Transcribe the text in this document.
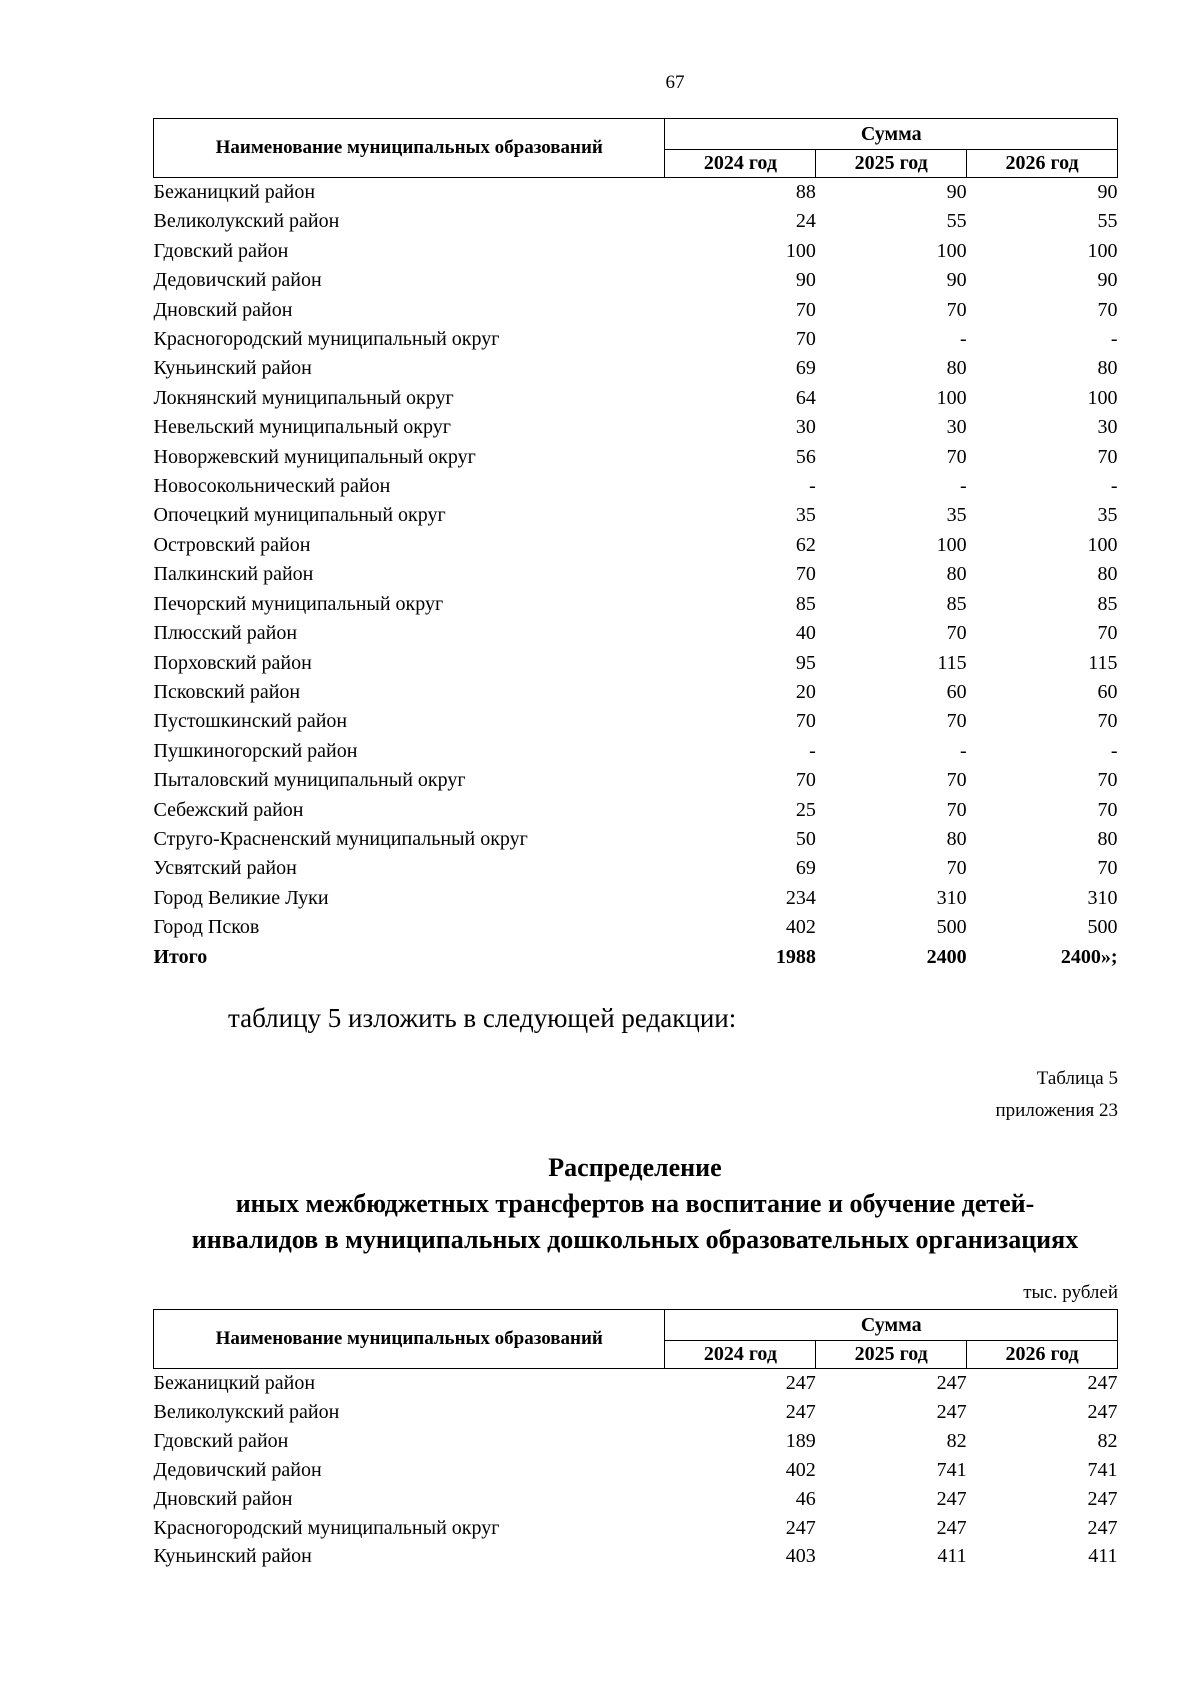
67
Наименование муниципальных образований	Сумма		
	2024 год	2025 год	2026 год
Бежаницкий район	88	90	90
Великолукский район	24	55	55
Гдовский район	100	100	100
Дедовичский район	90	90	90
Дновский район	70	70	70
Красногородский муниципальный округ	70	-	-
Куньинский район	69	80	80
Локнянский муниципальный округ	64	100	100
Невельский муниципальный округ	30	30	30
Новоржевский муниципальный округ	56	70	70
Новосокольнический район	-	-	-
Опочецкий муниципальный округ	35	35	35
Островский район	62	100	100
Палкинский район	70	80	80
Печорский муниципальный округ	85	85	85
Плюсский район	40	70	70
Порховский район	95	115	115
Псковский район	20	60	60
Пустошкинский район	70	70	70
Пушкиногорский район	-	-	-
Пыталовский муниципальный округ	70	70	70
Себежский район	25	70	70
Струго-Красненский муниципальный округ	50	80	80
Усвятский район	69	70	70
Город Великие Луки	234	310	310
Город Псков	402	500	500
Итого	1988	2400	2400»;
таблицу 5 изложить в следующей редакции:
Таблица 5
приложения 23
Распределение
иных межбюджетных трансфертов на воспитание и обучение детей-
инвалидов в муниципальных дошкольных образовательных организациях
тыс. рублей
Наименование муниципальных образований	Сумма		
	2024 год	2025 год	2026 год
Бежаницкий район	247	247	247
Великолукский район	247	247	247
Гдовский район	189	82	82
Дедовичский район	402	741	741
Дновский район	46	247	247
Красногородский муниципальный округ	247	247	247
Куньинский район	403	411	411
